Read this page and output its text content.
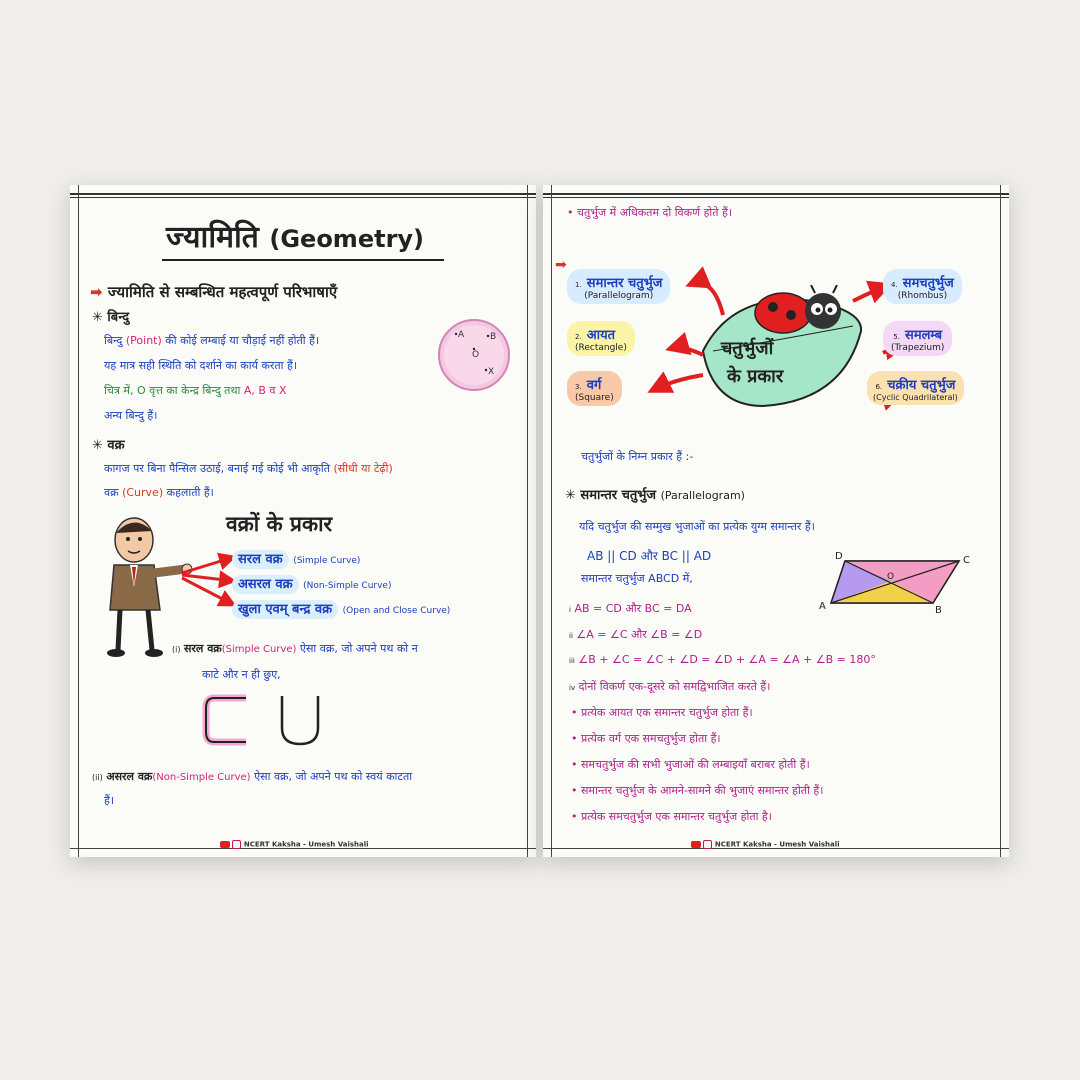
ज्यामिति (Geometry)
➡ ज्यामिति से सम्बन्धित महत्वपूर्ण परिभाषाएँ
✳ बिन्दु
बिन्दु (Point) की कोई लम्बाई या चौड़ाई नहीं होती हैं।
यह मात्र सही स्थिति को दर्शाने का कार्य करता हैं।
चित्र में, O वृत्त का केन्द्र बिन्दु तथा A, B व X
अन्य बिन्दु हैं।
A	B
O
X
✳ वक्र
कागज पर बिना पैन्सिल उठाई, बनाई गई कोई भी आकृति (सीधी या टेढ़ी)
वक्र (Curve) कहलाती हैं।
वक्रों के प्रकार
सरल वक्र (Simple Curve)
असरल वक्र (Non-Simple Curve)
खुला एवम् बन्द्र वक्र (Open and Close Curve)
(i) सरल वक्र(Simple Curve) ऐसा वक्र, जो अपने पथ को न
काटे और न ही छुए,
(ii) असरल वक्र(Non-Simple Curve) ऐसा वक्र, जो अपने पथ को स्वयं काटता
हैं।
NCERT Kaksha - Umesh Vaishali
• चतुर्भुज में अधिकतम दो विकर्ण होते हैं।
चतुर्भुजों
के प्रकार
➡
1. समान्तर चतुर्भुज
(Parallelogram)
2. आयत
(Rectangle)
3. वर्ग
(Square)
4. समचतुर्भुज
(Rhombus)
5. समलम्ब
(Trapezium)
6. चक्रीय चतुर्भुज
(Cyclic Quadrilateral)
चतुर्भुजों के निम्न प्रकार हैं :-
✳ समान्तर चतुर्भुज (Parallelogram)
यदि चतुर्भुज की सम्मुख भुजाओं का प्रत्येक युग्म समान्तर हैं।
AB || CD और BC || AD
समान्तर चतुर्भुज ABCD में,
D	C
A	B
O
i AB = CD और BC = DA
ii ∠A = ∠C और ∠B = ∠D
iii ∠B + ∠C = ∠C + ∠D = ∠D + ∠A = ∠A + ∠B = 180°
iv दोनों विकर्ण एक-दूसरे को समद्विभाजित करते हैं।
• प्रत्येक आयत एक समान्तर चतुर्भुज होता हैं।
• प्रत्येक वर्ग एक समचतुर्भुज होता हैं।
• समचतुर्भुज की सभी भुजाओं की लम्बाइयाँ बराबर होती हैं।
• समान्तर चतुर्भुज के आमने-सामने की भुजाएं समान्तर होती हैं।
• प्रत्येक समचतुर्भुज एक समान्तर चतुर्भुज होता है।
NCERT Kaksha - Umesh Vaishali
